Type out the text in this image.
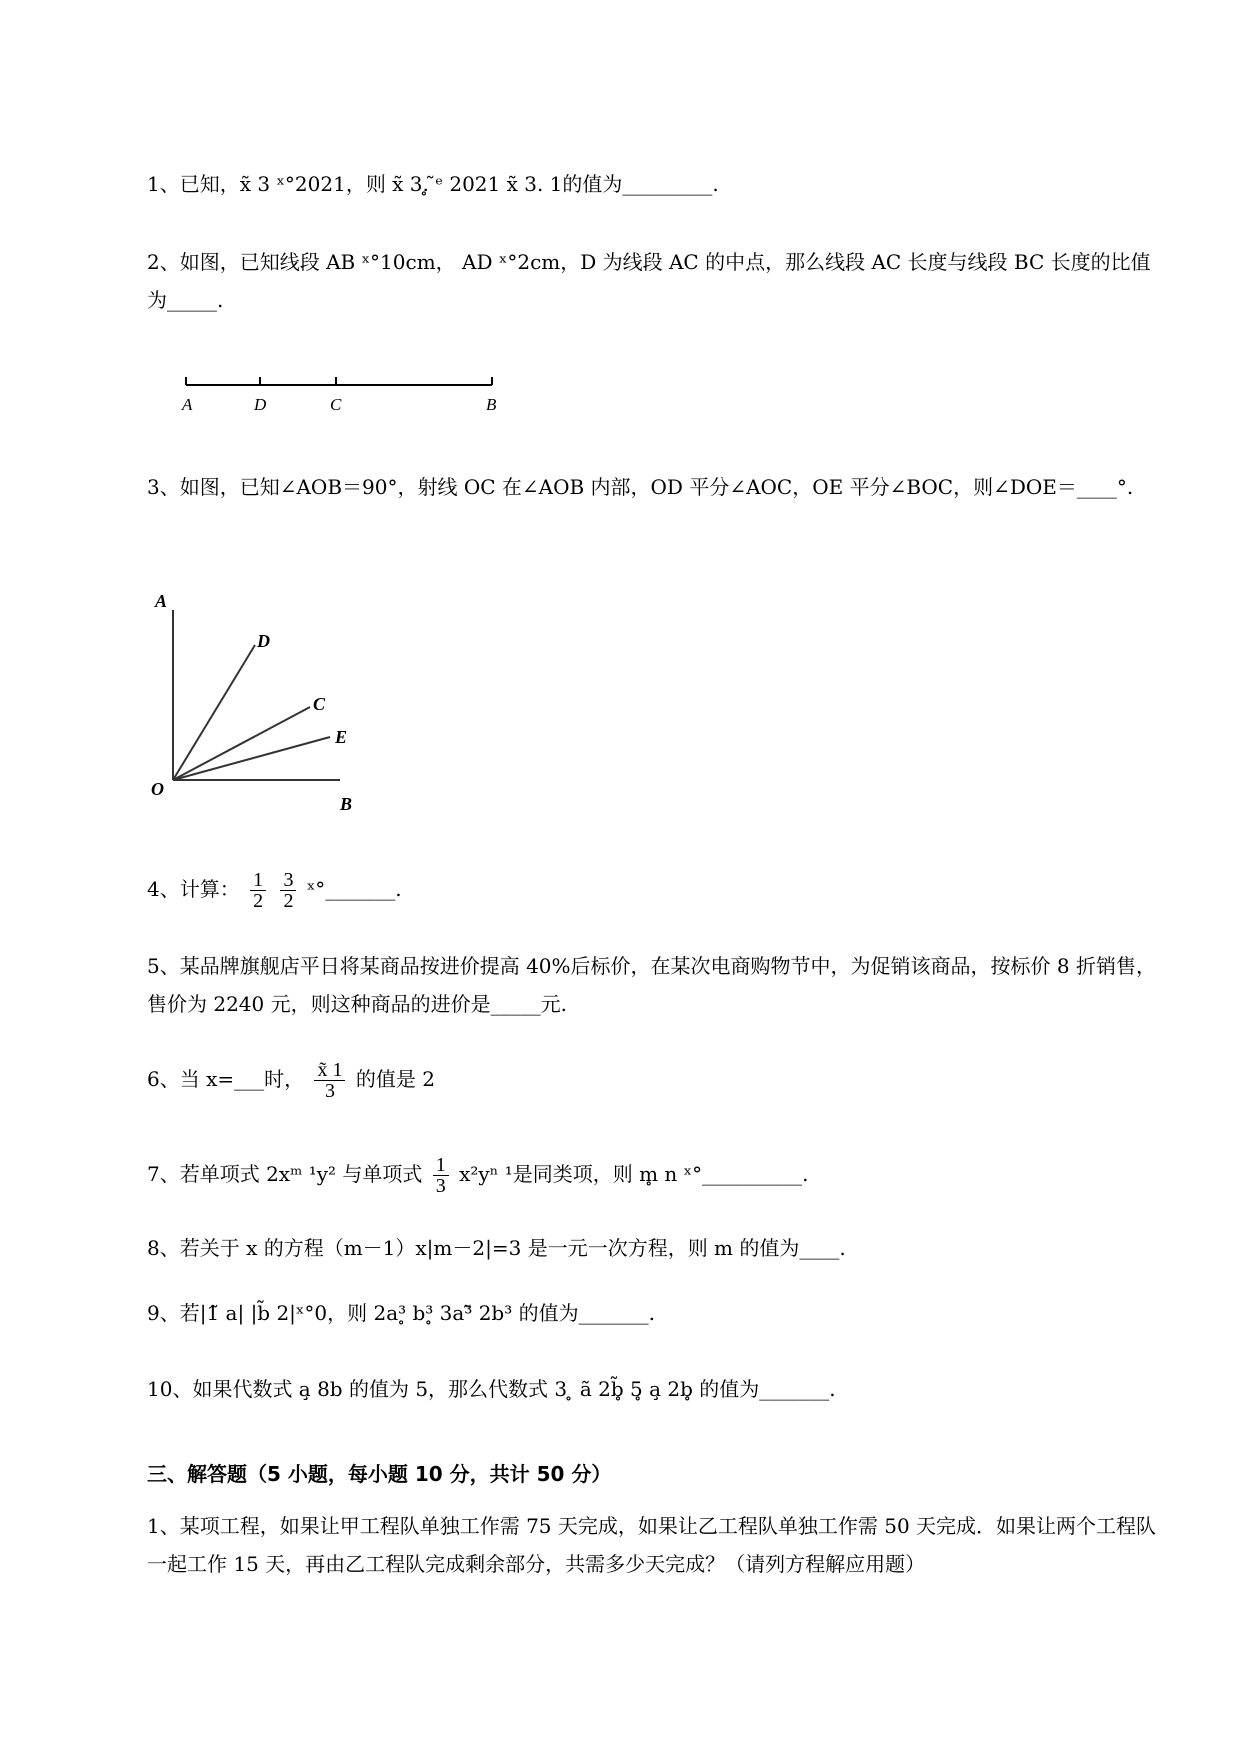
1、已知，x̃ 3 ˣ°2021，则 x̃ 3.̥ ̃ᵉ 2021 x̃ 3. 1的值为_________.
2、如图，已知线段 AB ˣ°10cm， AD ˣ°2cm，D 为线段 AC 的中点，那么线段 AC 长度与线段 BC 长度的比值为_____.
A	D	C	B
3、如图，已知∠AOB＝90°，射线 OC 在∠AOB 内部，OD 平分∠AOC，OE 平分∠BOC，则∠DOE＝____°.
A
D
C
E
O
B
4、计算： $\frac{1}{2}$
$\frac{3}{2}$ ˣ°_______.
5、某品牌旗舰店平日将某商品按进价提高 40%后标价，在某次电商购物节中，为促销该商品，按标价 8 折销售，售价为 2240 元，则这种商品的进价是_____元.
6、当 x=___时， $\frac{x̃ 1}{3}$ 的值是 2
7、若单项式 2xᵐ ¹y² 与单项式 $\frac{1}{3} x^2y^n$ ¹是同类项，则 m̥ n ˣ°__________.
8、若关于 x 的方程（m－1）x|m－2|=3 是一元一次方程，则 m 的值为____.
9、若|1̃ a| |b̃ 2|ˣ°0，则 2a³̥ b³̥ 3a³̃ 2b³ 的值为_______.
10、如果代数式 a̧ 8b 的值为 5，那么代数式 3 ̥ ã 2b̥̃ 5̥ a̧ 2b̥ 的值为_______.
三、解答题（5 小题，每小题 10 分，共计 50 分）
1、某项工程，如果让甲工程队单独工作需 75 天完成，如果让乙工程队单独工作需 50 天完成．如果让两个工程队一起工作 15 天，再由乙工程队完成剩余部分，共需多少天完成？（请列方程解应用题）
